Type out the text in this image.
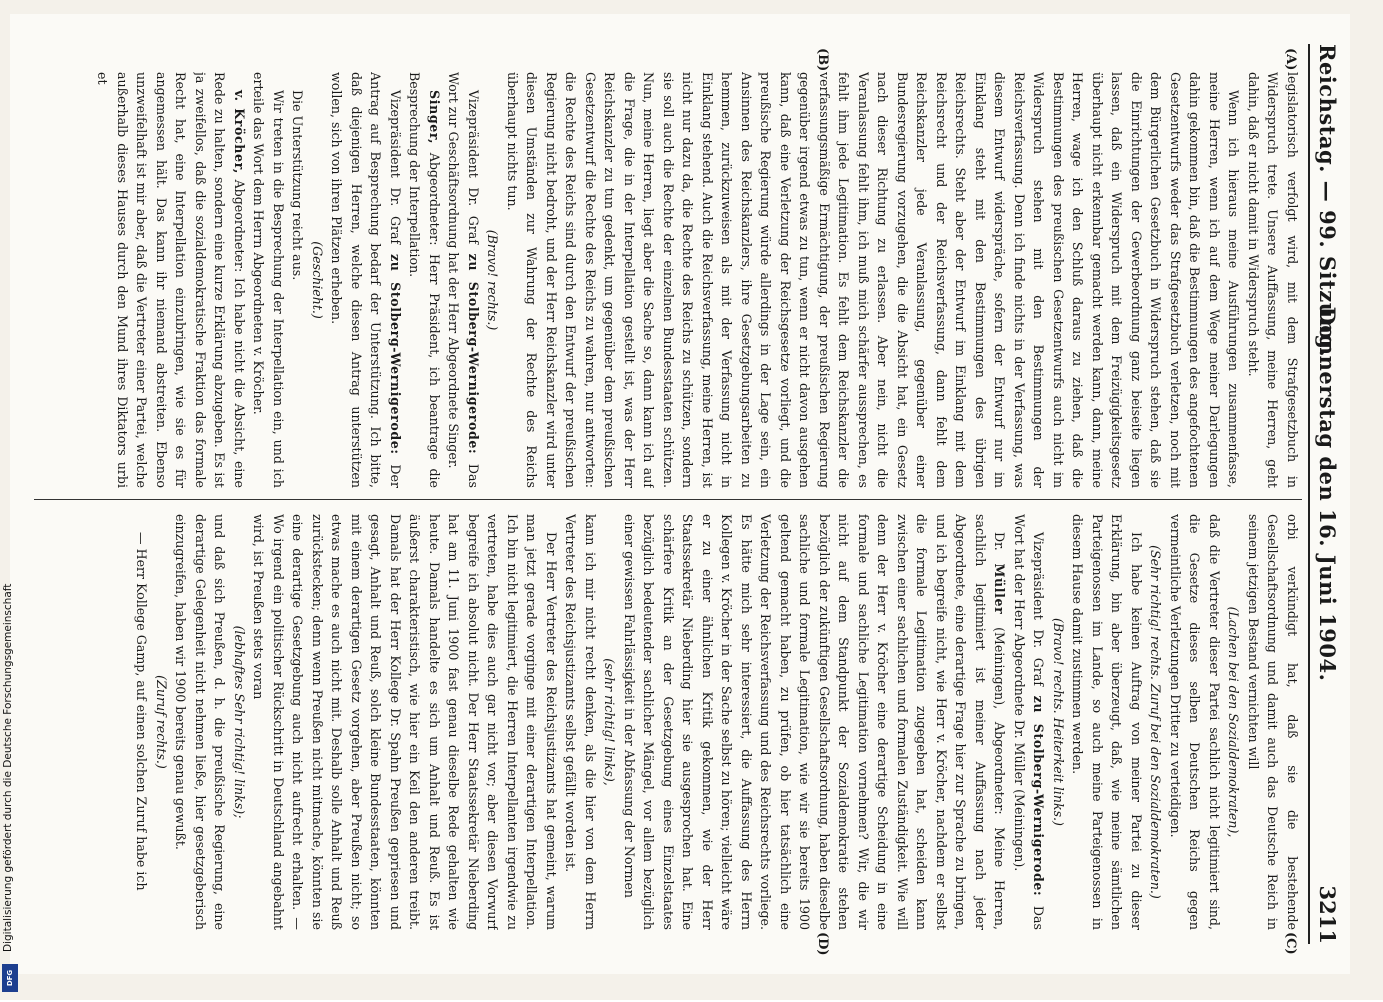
Reichstag. — 99. Sitzung.
Donnerstag den 16. Juni 1904.
3211
(A)
(B)
(C)
(D)

legislatorisch verfolgt wird, mit dem Strafgesetzbuch in Widerspruch trete. Unsere Auffassung, meine Herren, geht dahin, daß er nicht damit in Widerspruch steht.

Wenn ich hieraus meine Ausführungen zusammenfasse, meine Herren, wenn ich auf dem Wege meiner Darlegungen dahin gekommen bin, daß die Bestimmungen des angefochtenen Gesetzentwurfs weder das Strafgesetzbuch verletzen, noch mit dem Bürgerlichen Gesetzbuch in Widerspruch stehen, daß sie die Einrichtungen der Gewerbeordnung ganz beiseite liegen lassen, daß ein Widerspruch mit dem Freizügigkeitsgesetz überhaupt nicht erkennbar gemacht werden kann, dann, meine Herren, wage ich den Schluß daraus zu ziehen, daß die Bestimmungen des preußischen Gesetzentwurfs auch nicht im Widerspruch stehen mit den Bestimmungen der Reichsverfassung. Denn ich finde nichts in der Verfassung, was diesem Entwurf widerspräche, sofern der Entwurf nur im Einklang steht mit den Bestimmungen des übrigen Reichsrechts. Steht aber der Entwurf im Einklang mit dem Reichsrecht und der Reichsverfassung, dann fehlt dem Reichskanzler jede Veranlassung, gegenüber einer Bundesregierung vorzugehen, die die Absicht hat, ein Gesetz nach dieser Richtung zu erlassen. Aber nein, nicht die Veranlassung fehlt ihm, ich muß mich schärfer aussprechen, es fehlt ihm jede Legitimation. Es fehlt dem Reichskanzler die verfassungsmäßige Ermächtigung, der preußischen Regierung gegenüber irgend etwas zu tun, wenn er nicht davon ausgehen kann, daß eine Verletzung der Reichsgesetze vorliegt, und die preußische Regierung würde allerdings in der Lage sein, ein Ansinnen des Reichskanzlers, ihre Gesetzgebungsarbeiten zu hemmen, zurückzuweisen als mit der Verfassung nicht in Einklang stehend. Auch die Reichsverfassung, meine Herren, ist nicht nur dazu da, die Rechte des Reichs zu schützen, sondern sie soll auch die Rechte der einzelnen Bundesstaaten schützen. Nun, meine Herren, liegt aber die Sache so, dann kann ich auf die Frage, die in der Interpellation gestellt ist, was der Herr Reichskanzler zu tun gedenkt, um gegenüber dem preußischen Gesetzentwurf die Rechte des Reichs zu wahren, nur antworten: die Rechte des Reichs sind durch den Entwurf der preußischen Regierung nicht bedroht, und der Herr Reichskanzler wird unter diesen Umständen zur Wahrung der Rechte des Reichs überhaupt nichts tun.

(Bravo! rechts.)

Vizepräsident Dr. Graf zu Stolberg-Wernigerode: Das Wort zur Geschäftsordnung hat der Herr Abgeordnete Singer.

Singer, Abgeordneter: Herr Präsident, ich beantrage die Besprechung der Interpellation.

Vizepräsident Dr. Graf zu Stolberg-Wernigerode: Der Antrag auf Besprechung bedarf der Unterstützung. Ich bitte, daß diejenigen Herren, welche diesen Antrag unterstützen wollen, sich von ihren Plätzen erheben.

(Geschieht.)

Die Unterstützung reicht aus.

Wir treten in die Besprechung der Interpellation ein, und ich erteile das Wort dem Herrn Abgeordneten v. Kröcher.

v. Kröcher, Abgeordneter: Ich habe nicht die Absicht, eine Rede zu halten, sondern eine kurze Erklärung abzugeben. Es ist ja zweifellos, daß die sozialdemokratische Fraktion das formale Recht hat, eine Interpellation einzubringen, wie sie es für angemessen hält. Das kann ihr niemand abstreiten. Ebenso unzweifelhaft ist mir aber, daß die Vertreter einer Partei, welche außerhalb dieses Hauses durch den Mund ihres Diktators urbi et

orbi verkündigt hat, daß sie die bestehende Gesellschaftsordnung und damit auch das Deutsche Reich in seinem jetzigen Bestand vernichten will

(Lachen bei den Sozialdemokraten),

daß die Vertreter dieser Partei sachlich nicht legitimiert sind, die Gesetze dieses selben Deutschen Reichs gegen vermeintliche Verletzungen Dritter zu verteidigen.

(Sehr richtig! rechts. Zuruf bei den Sozialdemokraten.)

Ich habe keinen Auftrag von meiner Partei zu dieser Erklärung, bin aber überzeugt, daß, wie meine sämtlichen Parteigenossen im Lande, so auch meine Parteigenossen in diesem Hause damit zustimmen werden.

(Bravo! rechts. Heiterkeit links.)

Vizepräsident Dr. Graf zu Stolberg-Wernigerode: Das Wort hat der Herr Abgeordnete Dr. Müller (Meiningen).

Dr. Müller (Meiningen), Abgeordneter: Meine Herren, sachlich legitimiert ist meiner Auffassung nach jeder Abgeordnete, eine derartige Frage hier zur Sprache zu bringen, und ich begreife nicht, wie Herr v. Kröcher, nachdem er selbst die formale Legitimation zugegeben hat, scheiden kann zwischen einer sachlichen und formalen Zuständigkeit. Wie will denn der Herr v. Kröcher eine derartige Scheidung in eine formale und sachliche Legitimation vornehmen? Wir, die wir nicht auf dem Standpunkt der Sozialdemokratie stehen bezüglich der zukünftigen Gesellschaftsordnung, haben dieselbe sachliche und formale Legitimation, wie wir sie bereits 1900 geltend gemacht haben, zu prüfen, ob hier tatsächlich eine Verletzung der Reichsverfassung und des Reichsrechts vorliege. Es hätte mich sehr interessiert, die Auffassung des Herrn Kollegen v. Kröcher in der Sache selbst zu hören; vielleicht wäre er zu einer ähnlichen Kritik gekommen, wie der Herr Staatssekretär Nieberding hier sie ausgesprochen hat. Eine schärfere Kritik an der Gesetzgebung eines Einzelstaates bezüglich bedeutender sachlicher Mängel, vor allem bezüglich einer gewissen Fahrlässigkeit in der Abfassung der Normen

(sehr richtig! links),

kann ich mir nicht recht denken, als die hier von dem Herrn Vertreter des Reichsjustizamts selbst gefällt worden ist.

Der Herr Vertreter des Reichsjustizamts hat gemeint, warum man jetzt gerade vorginge mit einer derartigen Interpellation. Ich bin nicht legitimiert, die Herren Interpellanten irgendwie zu vertreten, habe dies auch gar nicht vor; aber diesen Vorwurf begreife ich absolut nicht. Der Herr Staatssekretär Nieberding hat am 11. Juni 1900 fast genau dieselbe Rede gehalten wie heute. Damals handelte es sich um Anhalt und Reuß. Es ist äußerst charakteristisch, wie hier ein Keil den anderen treibt. Damals hat der Herr Kollege Dr. Spahn Preußen gepriesen und gesagt, Anhalt und Reuß, solch kleine Bundesstaaten, könnten mit einem derartigen Gesetz vorgehen, aber Preußen nicht; so etwas mache es auch nicht mit. Deshalb solle Anhalt und Reuß zurückstecken; denn wenn Preußen nicht mitmache, könnten sie eine derartige Gesetzgebung auch nicht aufrecht erhalten. — Wo irgend ein politischer Rückschritt in Deutschland angebahnt wird, ist Preußen stets voran

(lebhaftes Sehr richtig! links);

und daß sich Preußen, d. h. die preußische Regierung, eine derartige Gelegenheit nicht nehmen ließe, hier gesetzgeberisch einzugreifen, haben wir 1900 bereits genau gewußt.

(Zuruf rechts.)

— Herr Kollege Gamp, auf einen solchen Zuruf habe ich

Digitalisierung gefördert durch die Deutsche Forschungsgemeinschaft
DFG
